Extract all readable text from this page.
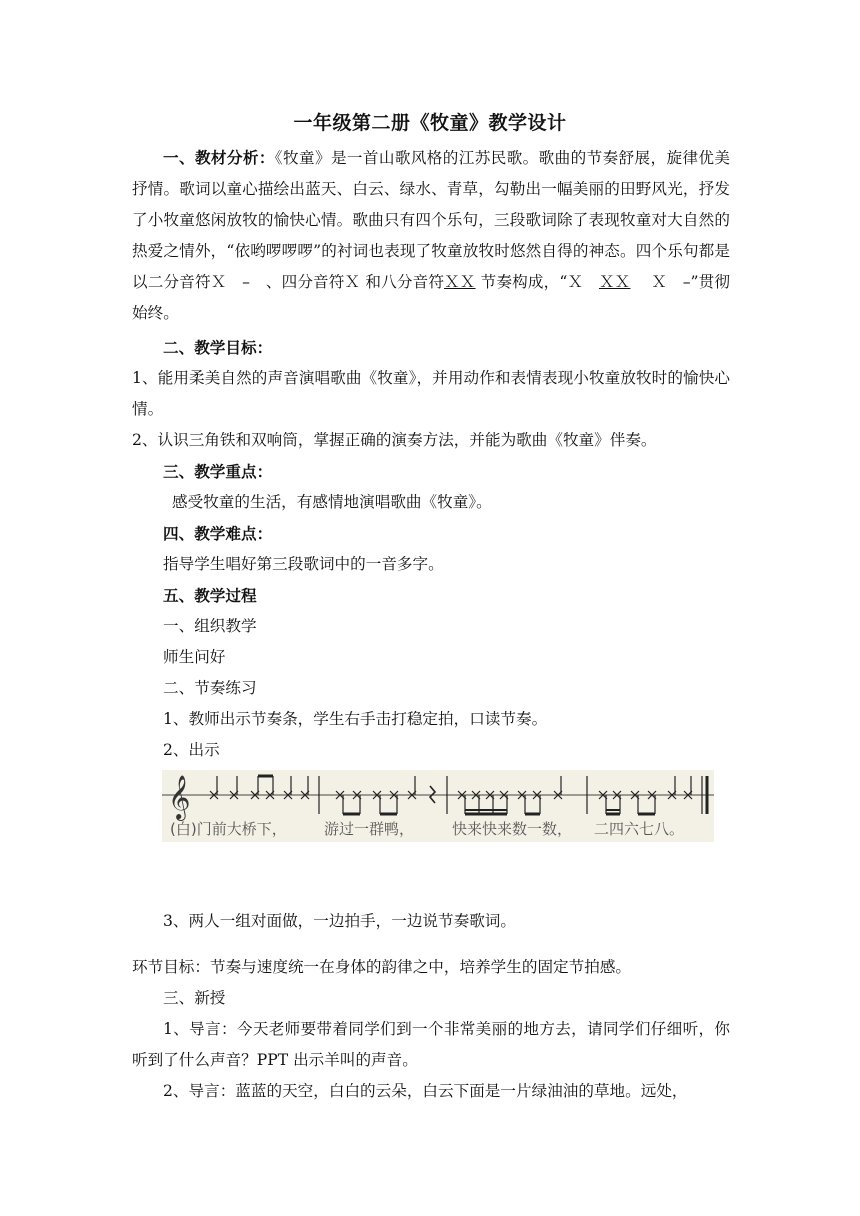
一年级第二册《牧童》教学设计
一、教材分析：《牧童》是一首山歌风格的江苏民歌。歌曲的节奏舒展，旋律优美抒情。歌词以童心描绘出蓝天、白云、绿水、青草，勾勒出一幅美丽的田野风光，抒发了小牧童悠闲放牧的愉快心情。歌曲只有四个乐句，三段歌词除了表现牧童对大自然的热爱之情外，“依哟啰啰啰”的衬词也表现了牧童放牧时悠然自得的神态。四个乐句都是以二分音符Ｘ　–　、四分音符Ｘ 和八分音符ＸＸ 节奏构成，“Ｘ　ＸＸ　 Ｘ　–”贯彻始终。
二、教学目标：
1、能用柔美自然的声音演唱歌曲《牧童》，并用动作和表情表现小牧童放牧时的愉快心情。
2、认识三角铁和双响筒，掌握正确的演奏方法，并能为歌曲《牧童》伴奏。
三、教学重点：
感受牧童的生活，有感情地演唱歌曲《牧童》。
四、教学难点：
指导学生唱好第三段歌词中的一音多字。
五、教学过程
一、组织教学
师生问好
二、节奏练习
1、教师出示节奏条，学生右手击打稳定拍，口读节奏。
2、出示
𝄞
(白)门前大桥下， 游过一群鸭，	快来快来数一数， 二四六七八。
3、两人一组对面做，一边拍手，一边说节奏歌词。
环节目标：节奏与速度统一在身体的韵律之中，培养学生的固定节拍感。
三、新授
1、导言：今天老师要带着同学们到一个非常美丽的地方去，请同学们仔细听，你听到了什么声音？PPT 出示羊叫的声音。
2、导言：蓝蓝的天空，白白的云朵，白云下面是一片绿油油的草地。远处，
